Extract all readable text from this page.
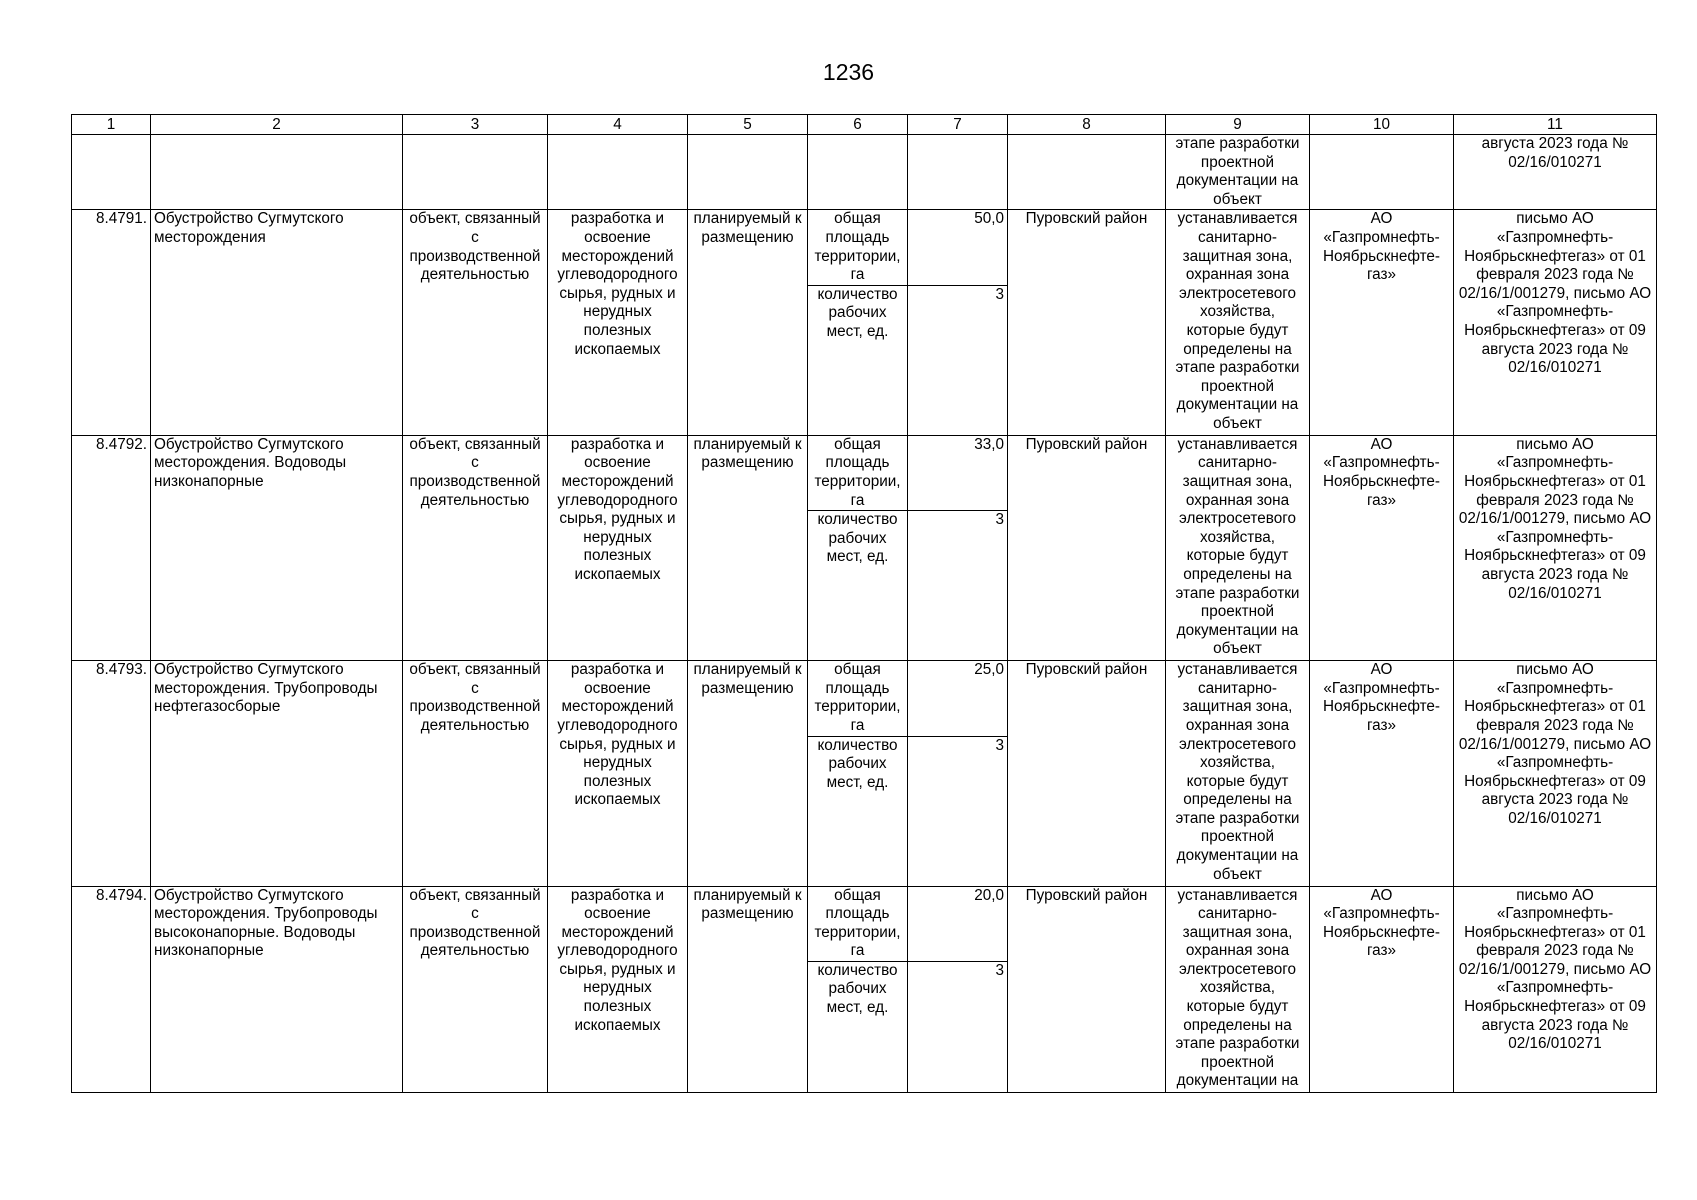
1236
1	2	3	4	5	6	7	8	9	10	11
								этапе разработки проектной документации на объект		августа 2023 года № 02/16/010271
8.4791.	Обустройство Сугмутского месторождения	объект, связанный с производственной деятельностью	разработка и освоение месторождений углеводородного сырья, рудных и нерудных полезных ископаемых	планируемый к размещению	общая площадь территории, га	50,0	Пуровский район	устанавливается санитарно-защитная зона, охранная зона электросетевого хозяйства, которые будут определены на этапе разработки проектной документации на объект	АО «Газпромнефть-Ноябрьскнефте-газ»	письмо АО «Газпромнефть-Ноябрьскнефтегаз» от 01 февраля 2023 года № 02/16/1/001279, письмо АО «Газпромнефть-Ноябрьскнефтегаз» от 09 августа 2023 года № 02/16/010271
					количество рабочих мест, ед.	3				
8.4792.	Обустройство Сугмутского месторождения. Водоводы низконапорные	объект, связанный с производственной деятельностью	разработка и освоение месторождений углеводородного сырья, рудных и нерудных полезных ископаемых	планируемый к размещению	общая площадь территории, га	33,0	Пуровский район	устанавливается санитарно-защитная зона, охранная зона электросетевого хозяйства, которые будут определены на этапе разработки проектной документации на объект	АО «Газпромнефть-Ноябрьскнефте-газ»	письмо АО «Газпромнефть-Ноябрьскнефтегаз» от 01 февраля 2023 года № 02/16/1/001279, письмо АО «Газпромнефть-Ноябрьскнефтегаз» от 09 августа 2023 года № 02/16/010271
					количество рабочих мест, ед.	3				
8.4793.	Обустройство Сугмутского месторождения. Трубопроводы нефтегазосборые	объект, связанный с производственной деятельностью	разработка и освоение месторождений углеводородного сырья, рудных и нерудных полезных ископаемых	планируемый к размещению	общая площадь территории, га	25,0	Пуровский район	устанавливается санитарно-защитная зона, охранная зона электросетевого хозяйства, которые будут определены на этапе разработки проектной документации на объект	АО «Газпромнефть-Ноябрьскнефте-газ»	письмо АО «Газпромнефть-Ноябрьскнефтегаз» от 01 февраля 2023 года № 02/16/1/001279, письмо АО «Газпромнефть-Ноябрьскнефтегаз» от 09 августа 2023 года № 02/16/010271
					количество рабочих мест, ед.	3				
8.4794.	Обустройство Сугмутского месторождения. Трубопроводы высоконапорные. Водоводы низконапорные	объект, связанный с производственной деятельностью	разработка и освоение месторождений углеводородного сырья, рудных и нерудных полезных ископаемых	планируемый к размещению	общая площадь территории, га	20,0	Пуровский район	устанавливается санитарно-защитная зона, охранная зона электросетевого хозяйства, которые будут определены на этапе разработки проектной документации на	АО «Газпромнефть-Ноябрьскнефте-газ»	письмо АО «Газпромнефть-Ноябрьскнефтегаз» от 01 февраля 2023 года № 02/16/1/001279, письмо АО «Газпромнефть-Ноябрьскнефтегаз» от 09 августа 2023 года № 02/16/010271
					количество рабочих мест, ед.	3				
